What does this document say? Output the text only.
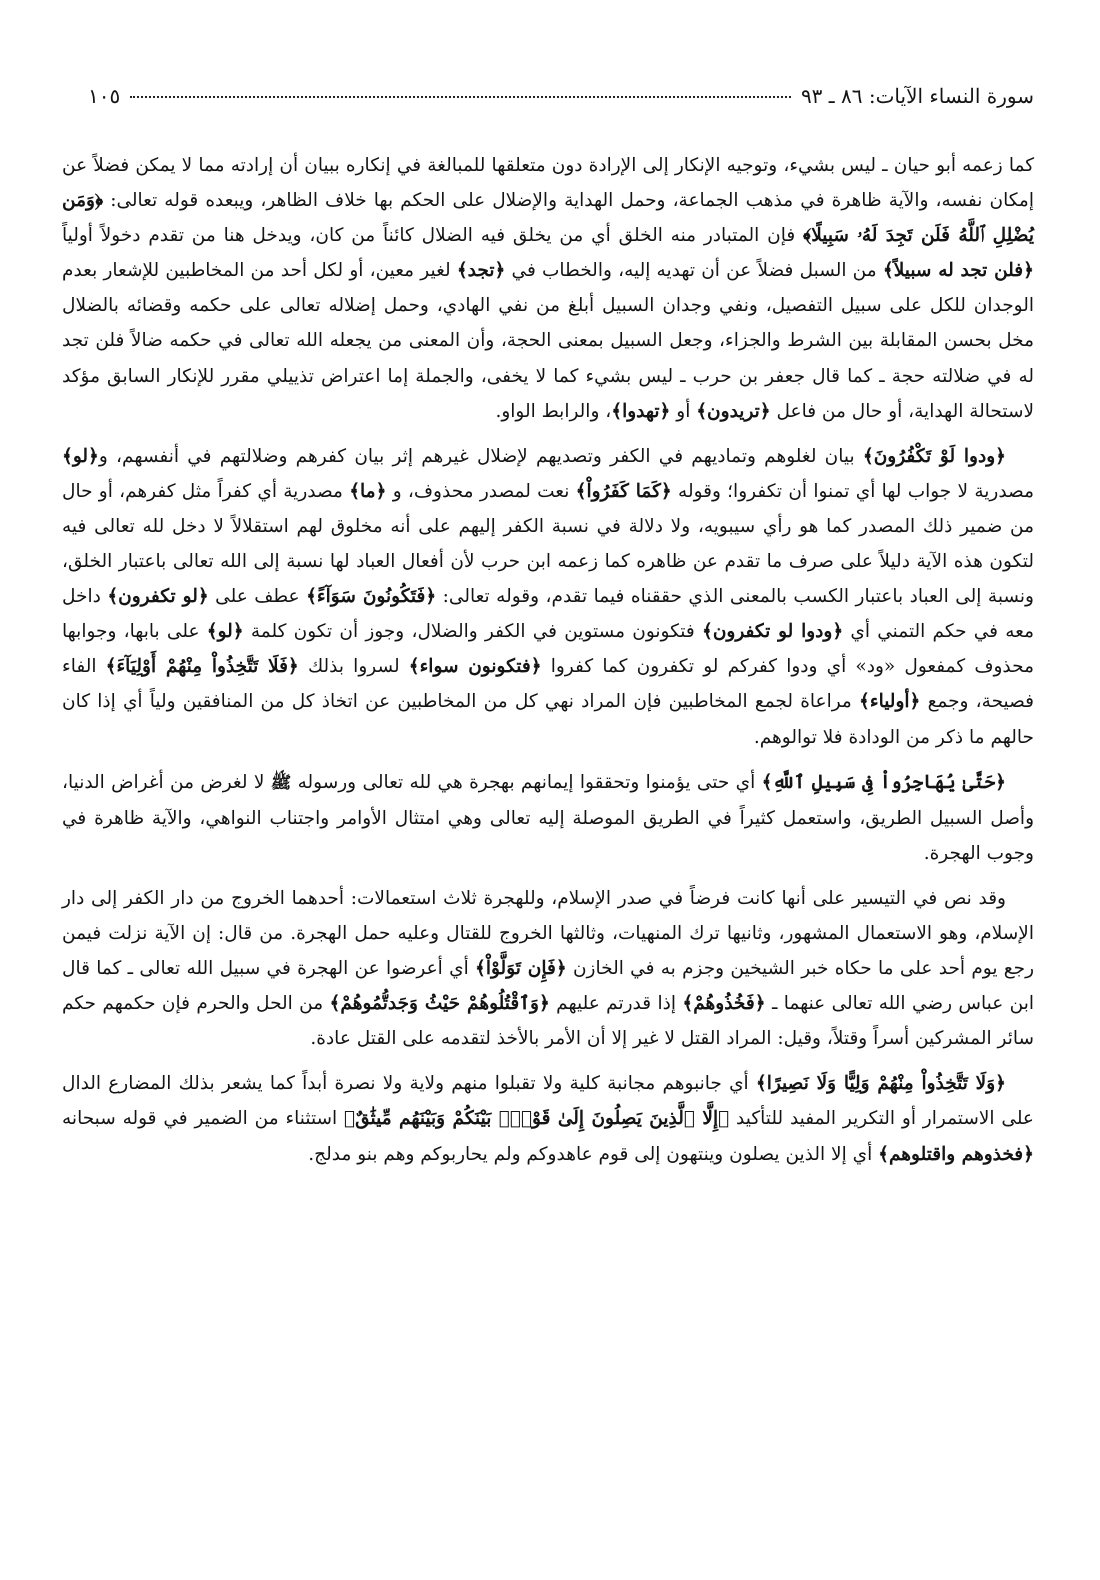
سورة النساء الآيات: ٨٦ ـ ٩٣
١٠٥

كما زعمه أبو حيان ـ ليس بشيء، وتوجيه الإنكار إلى الإرادة دون متعلقها للمبالغة في إنكاره ببيان أن إرادته مما لا يمكن فضلاً عن إمكان نفسه، والآية ظاهرة في مذهب الجماعة، وحمل الهداية والإضلال على الحكم بها خلاف الظاهر، ويبعده قوله تعالى: ﴿وَمَن يُضْلِلِ ٱللَّهُ فَلَن تَجِدَ لَهُۥ سَبِيلًا﴾ فإن المتبادر منه الخلق أي من يخلق فيه الضلال كائناً من كان، ويدخل هنا من تقدم دخولاً أولياً ﴿فلن تجد له سبيلاً﴾ من السبل فضلاً عن أن تهديه إليه، والخطاب في ﴿تجد﴾ لغير معين، أو لكل أحد من المخاطبين للإشعار بعدم الوجدان للكل على سبيل التفصيل، ونفي وجدان السبيل أبلغ من نفي الهادي، وحمل إضلاله تعالى على حكمه وقضائه بالضلال مخل بحسن المقابلة بين الشرط والجزاء، وجعل السبيل بمعنى الحجة، وأن المعنى من يجعله الله تعالى في حكمه ضالاً فلن تجد له في ضلالته حجة ـ كما قال جعفر بن حرب ـ ليس بشيء كما لا يخفى، والجملة إما اعتراض تذييلي مقرر للإنكار السابق مؤكد لاستحالة الهداية، أو حال من فاعل ﴿تريدون﴾ أو ﴿تهدوا﴾، والرابط الواو.

﴿ودوا لَوْ تَكْفُرُونَ﴾ بيان لغلوهم وتماديهم في الكفر وتصديهم لإضلال غيرهم إثر بيان كفرهم وضلالتهم في أنفسهم، و﴿لو﴾ مصدرية لا جواب لها أي تمنوا أن تكفروا؛ وقوله ﴿كَمَا كَفَرُواْ﴾ نعت لمصدر محذوف، و ﴿ما﴾ مصدرية أي كفراً مثل كفرهم، أو حال من ضمير ذلك المصدر كما هو رأي سيبويه، ولا دلالة في نسبة الكفر إليهم على أنه مخلوق لهم استقلالاً لا دخل لله تعالى فيه لتكون هذه الآية دليلاً على صرف ما تقدم عن ظاهره كما زعمه ابن حرب لأن أفعال العباد لها نسبة إلى الله تعالى باعتبار الخلق، ونسبة إلى العباد باعتبار الكسب بالمعنى الذي حققناه فيما تقدم، وقوله تعالى: ﴿فَتَكُونُونَ سَوَآءً﴾ عطف على ﴿لو تكفرون﴾ داخل معه في حكم التمني أي ﴿ودوا لو تكفرون﴾ فتكونون مستوين في الكفر والضلال، وجوز أن تكون كلمة ﴿لو﴾ على بابها، وجوابها محذوف كمفعول «ود» أي ودوا كفركم لو تكفرون كما كفروا ﴿فتكونون سواء﴾ لسروا بذلك ﴿فَلَا تَتَّخِذُواْ مِنْهُمْ أَوْلِيَآءَ﴾ الفاء فصيحة، وجمع ﴿أولياء﴾ مراعاة لجمع المخاطبين فإن المراد نهي كل من المخاطبين عن اتخاذ كل من المنافقين ولياً أي إذا كان حالهم ما ذكر من الودادة فلا توالوهم.

﴿حَتَّىٰ يُهَاجِرُواْ فِى سَبِيلِ ٱللَّهِ﴾ أي حتى يؤمنوا وتحققوا إيمانهم بهجرة هي لله تعالى ورسوله ﷺ لا لغرض من أغراض الدنيا، وأصل السبيل الطريق، واستعمل كثيراً في الطريق الموصلة إليه تعالى وهي امتثال الأوامر واجتناب النواهي، والآية ظاهرة في وجوب الهجرة.

وقد نص في التيسير على أنها كانت فرضاً في صدر الإسلام، وللهجرة ثلاث استعمالات: أحدهما الخروج من دار الكفر إلى دار الإسلام، وهو الاستعمال المشهور، وثانيها ترك المنهيات، وثالثها الخروج للقتال وعليه حمل الهجرة. من قال: إن الآية نزلت فيمن رجع يوم أحد على ما حكاه خبر الشيخين وجزم به في الخازن ﴿فَإِن تَوَلَّوْاْ﴾ أي أعرضوا عن الهجرة في سبيل الله تعالى ـ كما قال ابن عباس رضي الله تعالى عنهما ـ ﴿فَخُذُوهُمْ﴾ إذا قدرتم عليهم ﴿وَٱقْتُلُوهُمْ حَيْثُ وَجَدتُّمُوهُمْ﴾ من الحل والحرم فإن حكمهم حكم سائر المشركين أسراً وقتلاً، وقيل: المراد القتل لا غير إلا أن الأمر بالأخذ لتقدمه على القتل عادة.

﴿وَلَا تَتَّخِذُواْ مِنْهُمْ وَلِيًّا وَلَا نَصِيرًا﴾ أي جانبوهم مجانبة كلية ولا تقبلوا منهم ولاية ولا نصرة أبداً كما يشعر بذلك المضارع الدال على الاستمرار أو التكرير المفيد للتأكيد ﴿إِلَّا ٱلَّذِينَ يَصِلُونَ إِلَىٰ قَوْمٍۭ بَيْنَكُمْ وَبَيْنَهُم مِّيثَٰقٌ﴾ استثناء من الضمير في قوله سبحانه ﴿فخذوهم واقتلوهم﴾ أي إلا الذين يصلون وينتهون إلى قوم عاهدوكم ولم يحاربوكم وهم بنو مدلج.
